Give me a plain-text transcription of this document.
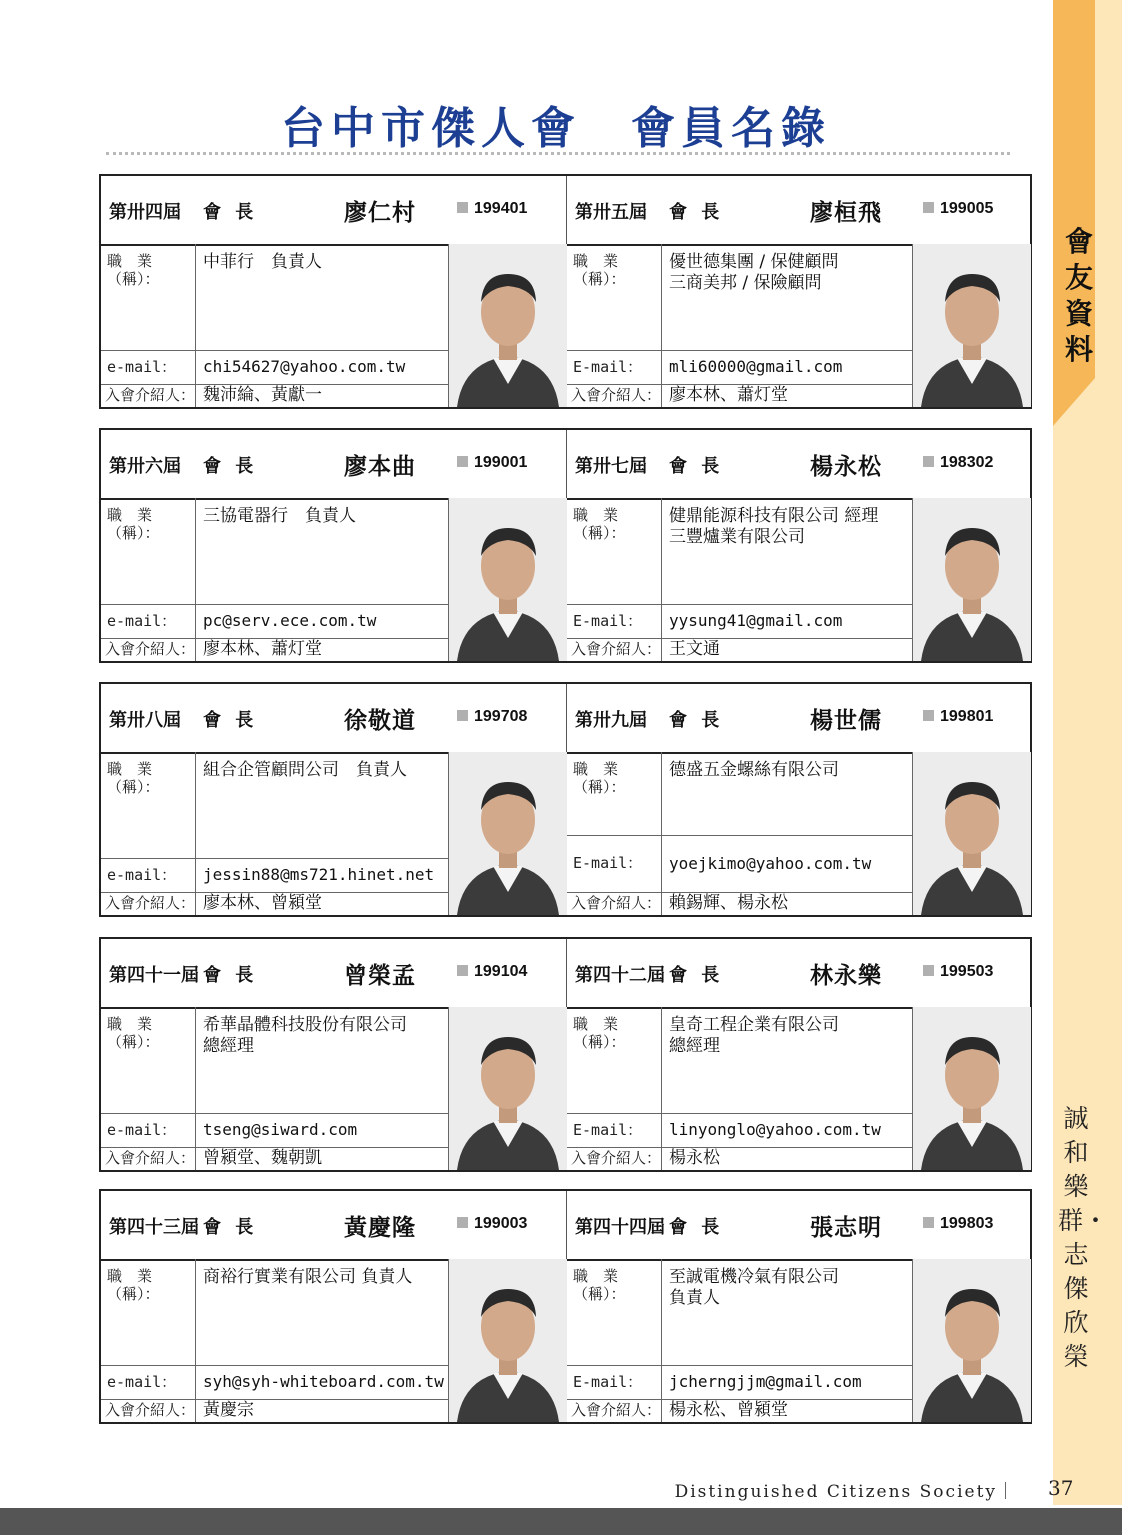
會友資料
誠和樂群・志傑欣榮
台中市傑人會　會員名錄
第卅四屆 會 長	廖仁村	199401
職　業
（稱）：
中菲行　負責人
e-mail：	chi54627@yahoo.com.tw
入會介紹人： 魏沛綸、黃獻一
第卅五屆 會 長	廖桓飛	199005
職　業
（稱）：
優世德集團 / 保健顧問
三商美邦 / 保險顧問
E-mail：	mli60000@gmail.com
入會介紹人： 廖本林、蕭灯堂
第卅六屆 會 長	廖本曲	199001
職　業
（稱）：
三協電器行　負責人
e-mail：	pc@serv.ece.com.tw
入會介紹人： 廖本林、蕭灯堂
第卅七屆 會 長	楊永松	198302
職　業
（稱）：
健鼎能源科技有限公司 經理
三豐爐業有限公司
E-mail：	yysung41@gmail.com
入會介紹人： 王文通
第卅八屆 會 長	徐敬道	199708
職　業
（稱）：
組合企管顧問公司　負責人
e-mail：	jessin88@ms721.hinet.net
入會介紹人： 廖本林、曾潁堂
第卅九屆 會 長	楊世儒	199801
職　業
（稱）：
德盛五金螺絲有限公司
E-mail：	yoejkimo@yahoo.com.tw
入會介紹人： 賴錫輝、楊永松
第四十一屆 會 長	曾榮孟	199104
職　業
（稱）：
希華晶體科技股份有限公司
總經理
e-mail：	tseng@siward.com
入會介紹人： 曾潁堂、魏朝凱
第四十二屆 會 長	林永樂	199503
職　業
（稱）：
皇奇工程企業有限公司
總經理
E-mail：	linyonglo@yahoo.com.tw
入會介紹人： 楊永松
第四十三屆 會 長	黃慶隆	199003
職　業
（稱）：
商裕行實業有限公司 負責人
e-mail：	syh@syh-whiteboard.com.tw
入會介紹人： 黃慶宗
第四十四屆 會 長	張志明	199803
職　業
（稱）：
至誠電機冷氣有限公司
負責人
E-mail：	jcherngjjm@gmail.com
入會介紹人： 楊永松、曾潁堂
Distinguished Citizens Society｜ 37
